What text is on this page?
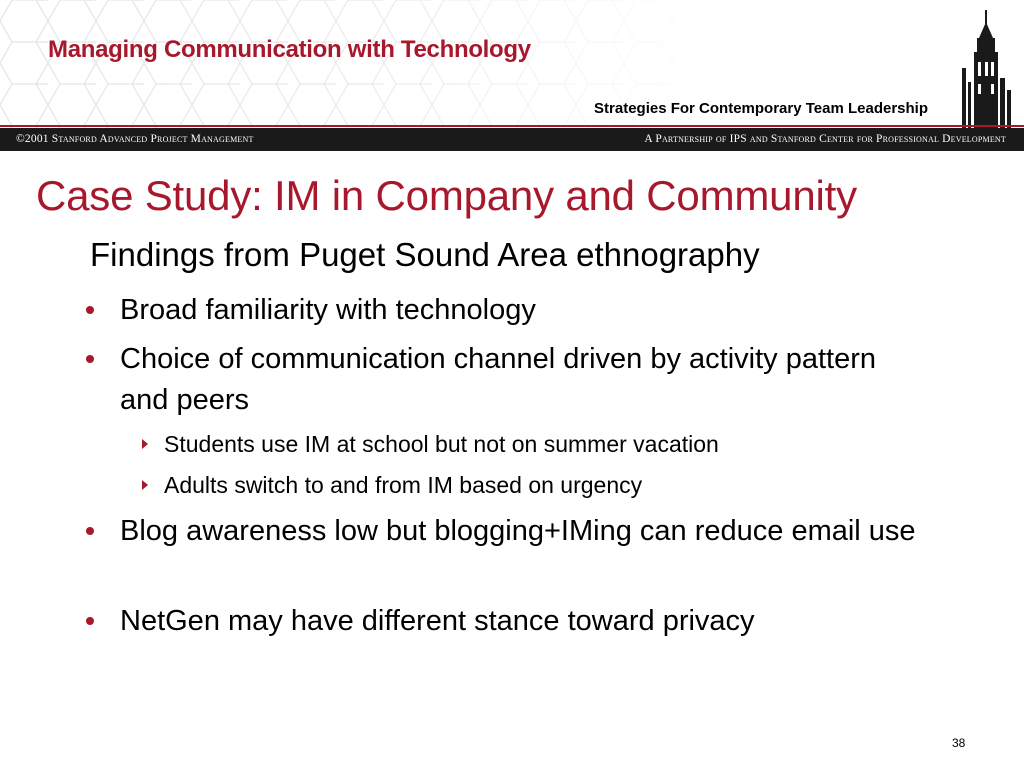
Managing Communication with Technology
Strategies For Contemporary Team Leadership
©2001 Stanford Advanced Project Management	A Partnership of IPS and Stanford Center for Professional Development
Case Study: IM in Company and Community
Findings from Puget Sound Area ethnography
Broad familiarity with technology
Choice of communication channel driven by activity pattern and peers
Students use IM at school but not on summer vacation
Adults switch to and from IM based on urgency
Blog awareness low but blogging+IMing can reduce email use
NetGen may have different stance toward privacy
38
